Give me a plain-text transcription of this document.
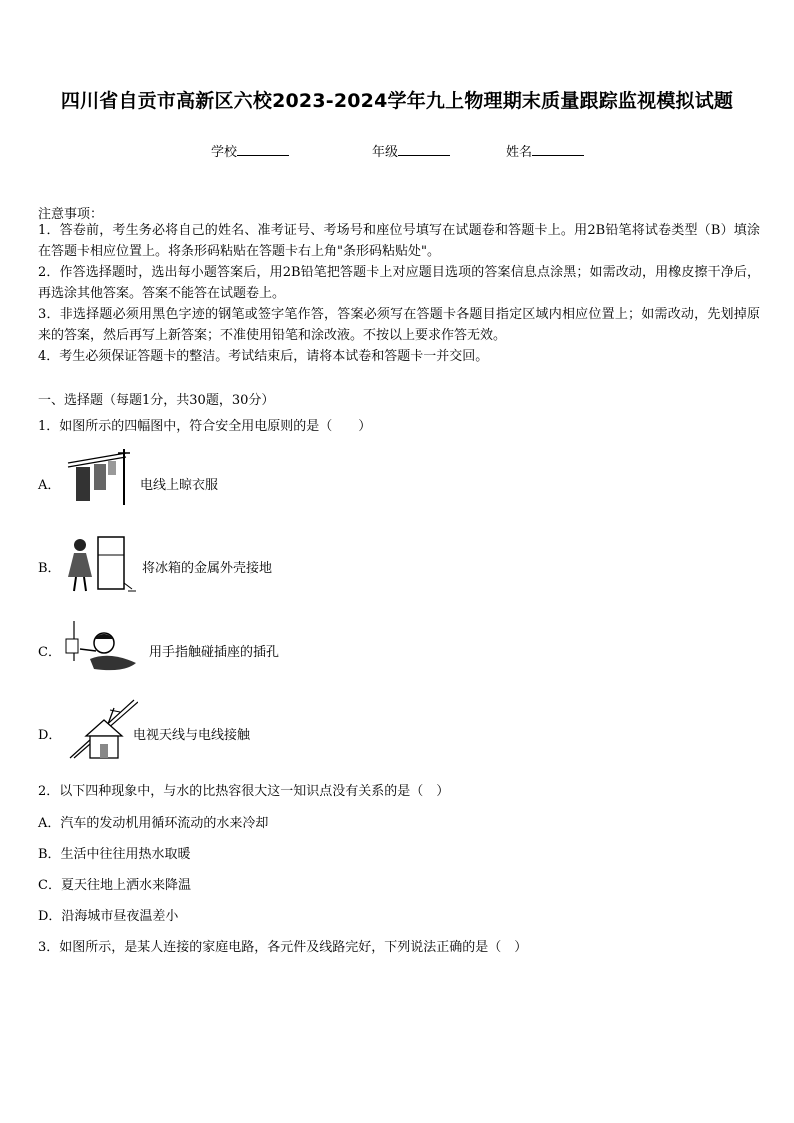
四川省自贡市高新区六校2023-2024学年九上物理期末质量跟踪监视模拟试题
学校	年级	姓名
注意事项：
1．答卷前，考生务必将自己的姓名、准考证号、考场号和座位号填写在试题卷和答题卡上。用2B铅笔将试卷类型（B）填涂在答题卡相应位置上。将条形码粘贴在答题卡右上角"条形码粘贴处"。
2．作答选择题时，选出每小题答案后，用2B铅笔把答题卡上对应题目选项的答案信息点涂黑；如需改动，用橡皮擦干净后，再选涂其他答案。答案不能答在试题卷上。
3．非选择题必须用黑色字迹的钢笔或签字笔作答，答案必须写在答题卡各题目指定区域内相应位置上；如需改动，先划掉原来的答案，然后再写上新答案；不准使用铅笔和涂改液。不按以上要求作答无效。
4．考生必须保证答题卡的整洁。考试结束后，请将本试卷和答题卡一并交回。
一、选择题（每题1分，共30题，30分）
1．如图所示的四幅图中，符合安全用电原则的是（　　）
A．	电线上晾衣服
B．	将冰箱的金属外壳接地
C．	用手指触碰插座的插孔
D．	电视天线与电线接触
2．以下四种现象中，与水的比热容很大这一知识点没有关系的是（　）
A．汽车的发动机用循环流动的水来冷却
B．生活中往往用热水取暖
C．夏天往地上洒水来降温
D．沿海城市昼夜温差小
3．如图所示，是某人连接的家庭电路，各元件及线路完好，下列说法正确的是（　）
